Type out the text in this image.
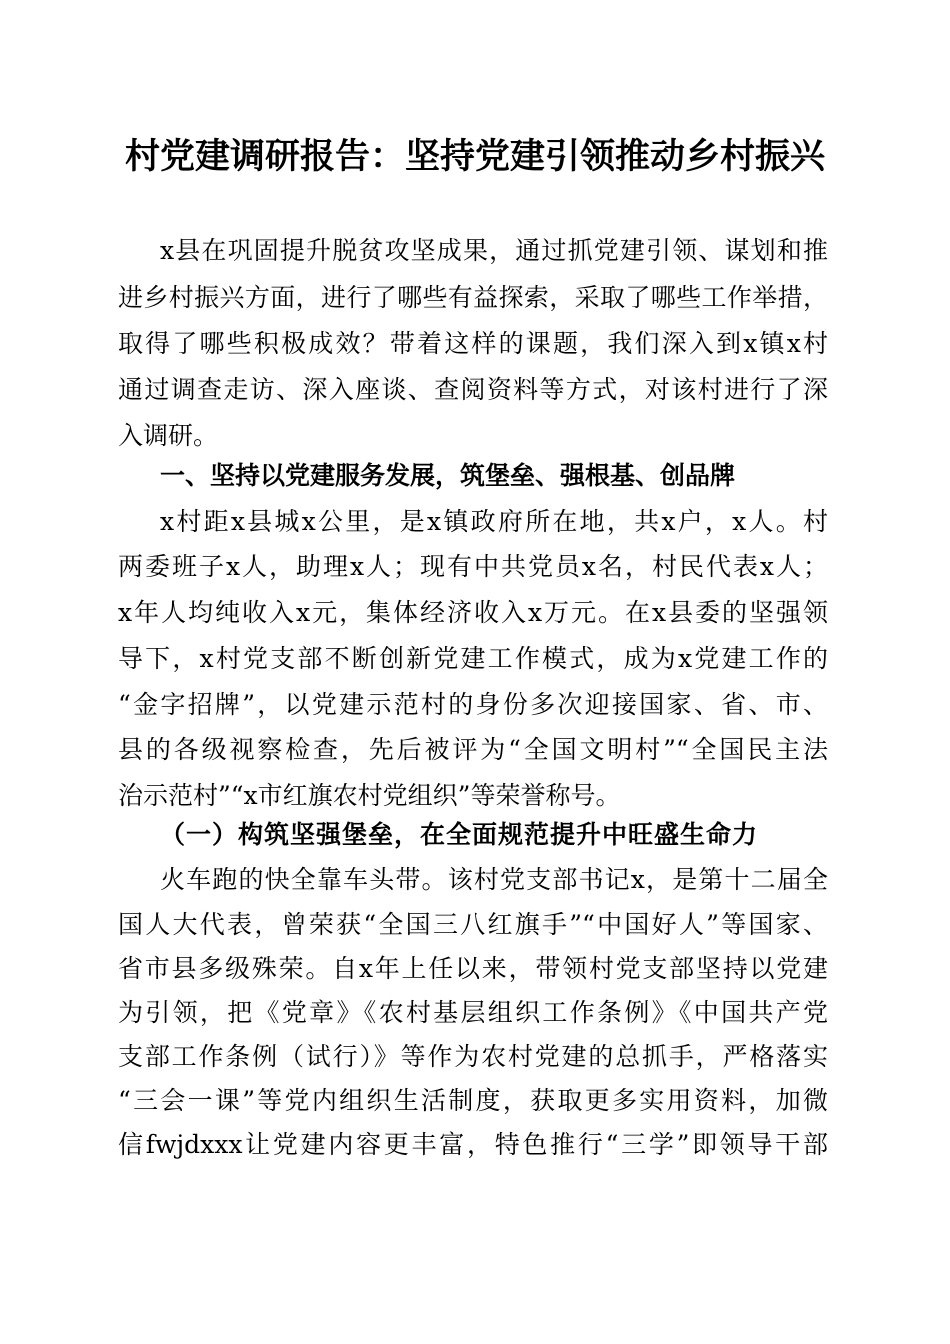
村党建调研报告：坚持党建引领推动乡村振兴
x县在巩固提升脱贫攻坚成果，通过抓党建引领、谋划和推
进乡村振兴方面，进行了哪些有益探索，采取了哪些工作举措，
取得了哪些积极成效？带着这样的课题，我们深入到x镇x村
通过调查走访、深入座谈、查阅资料等方式，对该村进行了深
入调研。
一、坚持以党建服务发展，筑堡垒、强根基、创品牌
x村距x县城x公里，是x镇政府所在地，共x户，x人。村
两委班子x人，助理x人；现有中共党员x名，村民代表x人；
x年人均纯收入x元，集体经济收入x万元。在x县委的坚强领
导下，x村党支部不断创新党建工作模式，成为x党建工作的
“金字招牌”，以党建示范村的身份多次迎接国家、省、市、
县的各级视察检查，先后被评为“全国文明村”“全国民主法
治示范村”“x市红旗农村党组织”等荣誉称号。
（一）构筑坚强堡垒，在全面规范提升中旺盛生命力
火车跑的快全靠车头带。该村党支部书记x，是第十二届全
国人大代表，曾荣获“全国三八红旗手”“中国好人”等国家、
省市县多级殊荣。自x年上任以来，带领村党支部坚持以党建
为引领，把《党章》《农村基层组织工作条例》《中国共产党
支部工作条例（试行）》等作为农村党建的总抓手，严格落实
“三会一课”等党内组织生活制度，获取更多实用资料，加微
信fwjdxxx让党建内容更丰富，特色推行“三学”即领导干部
